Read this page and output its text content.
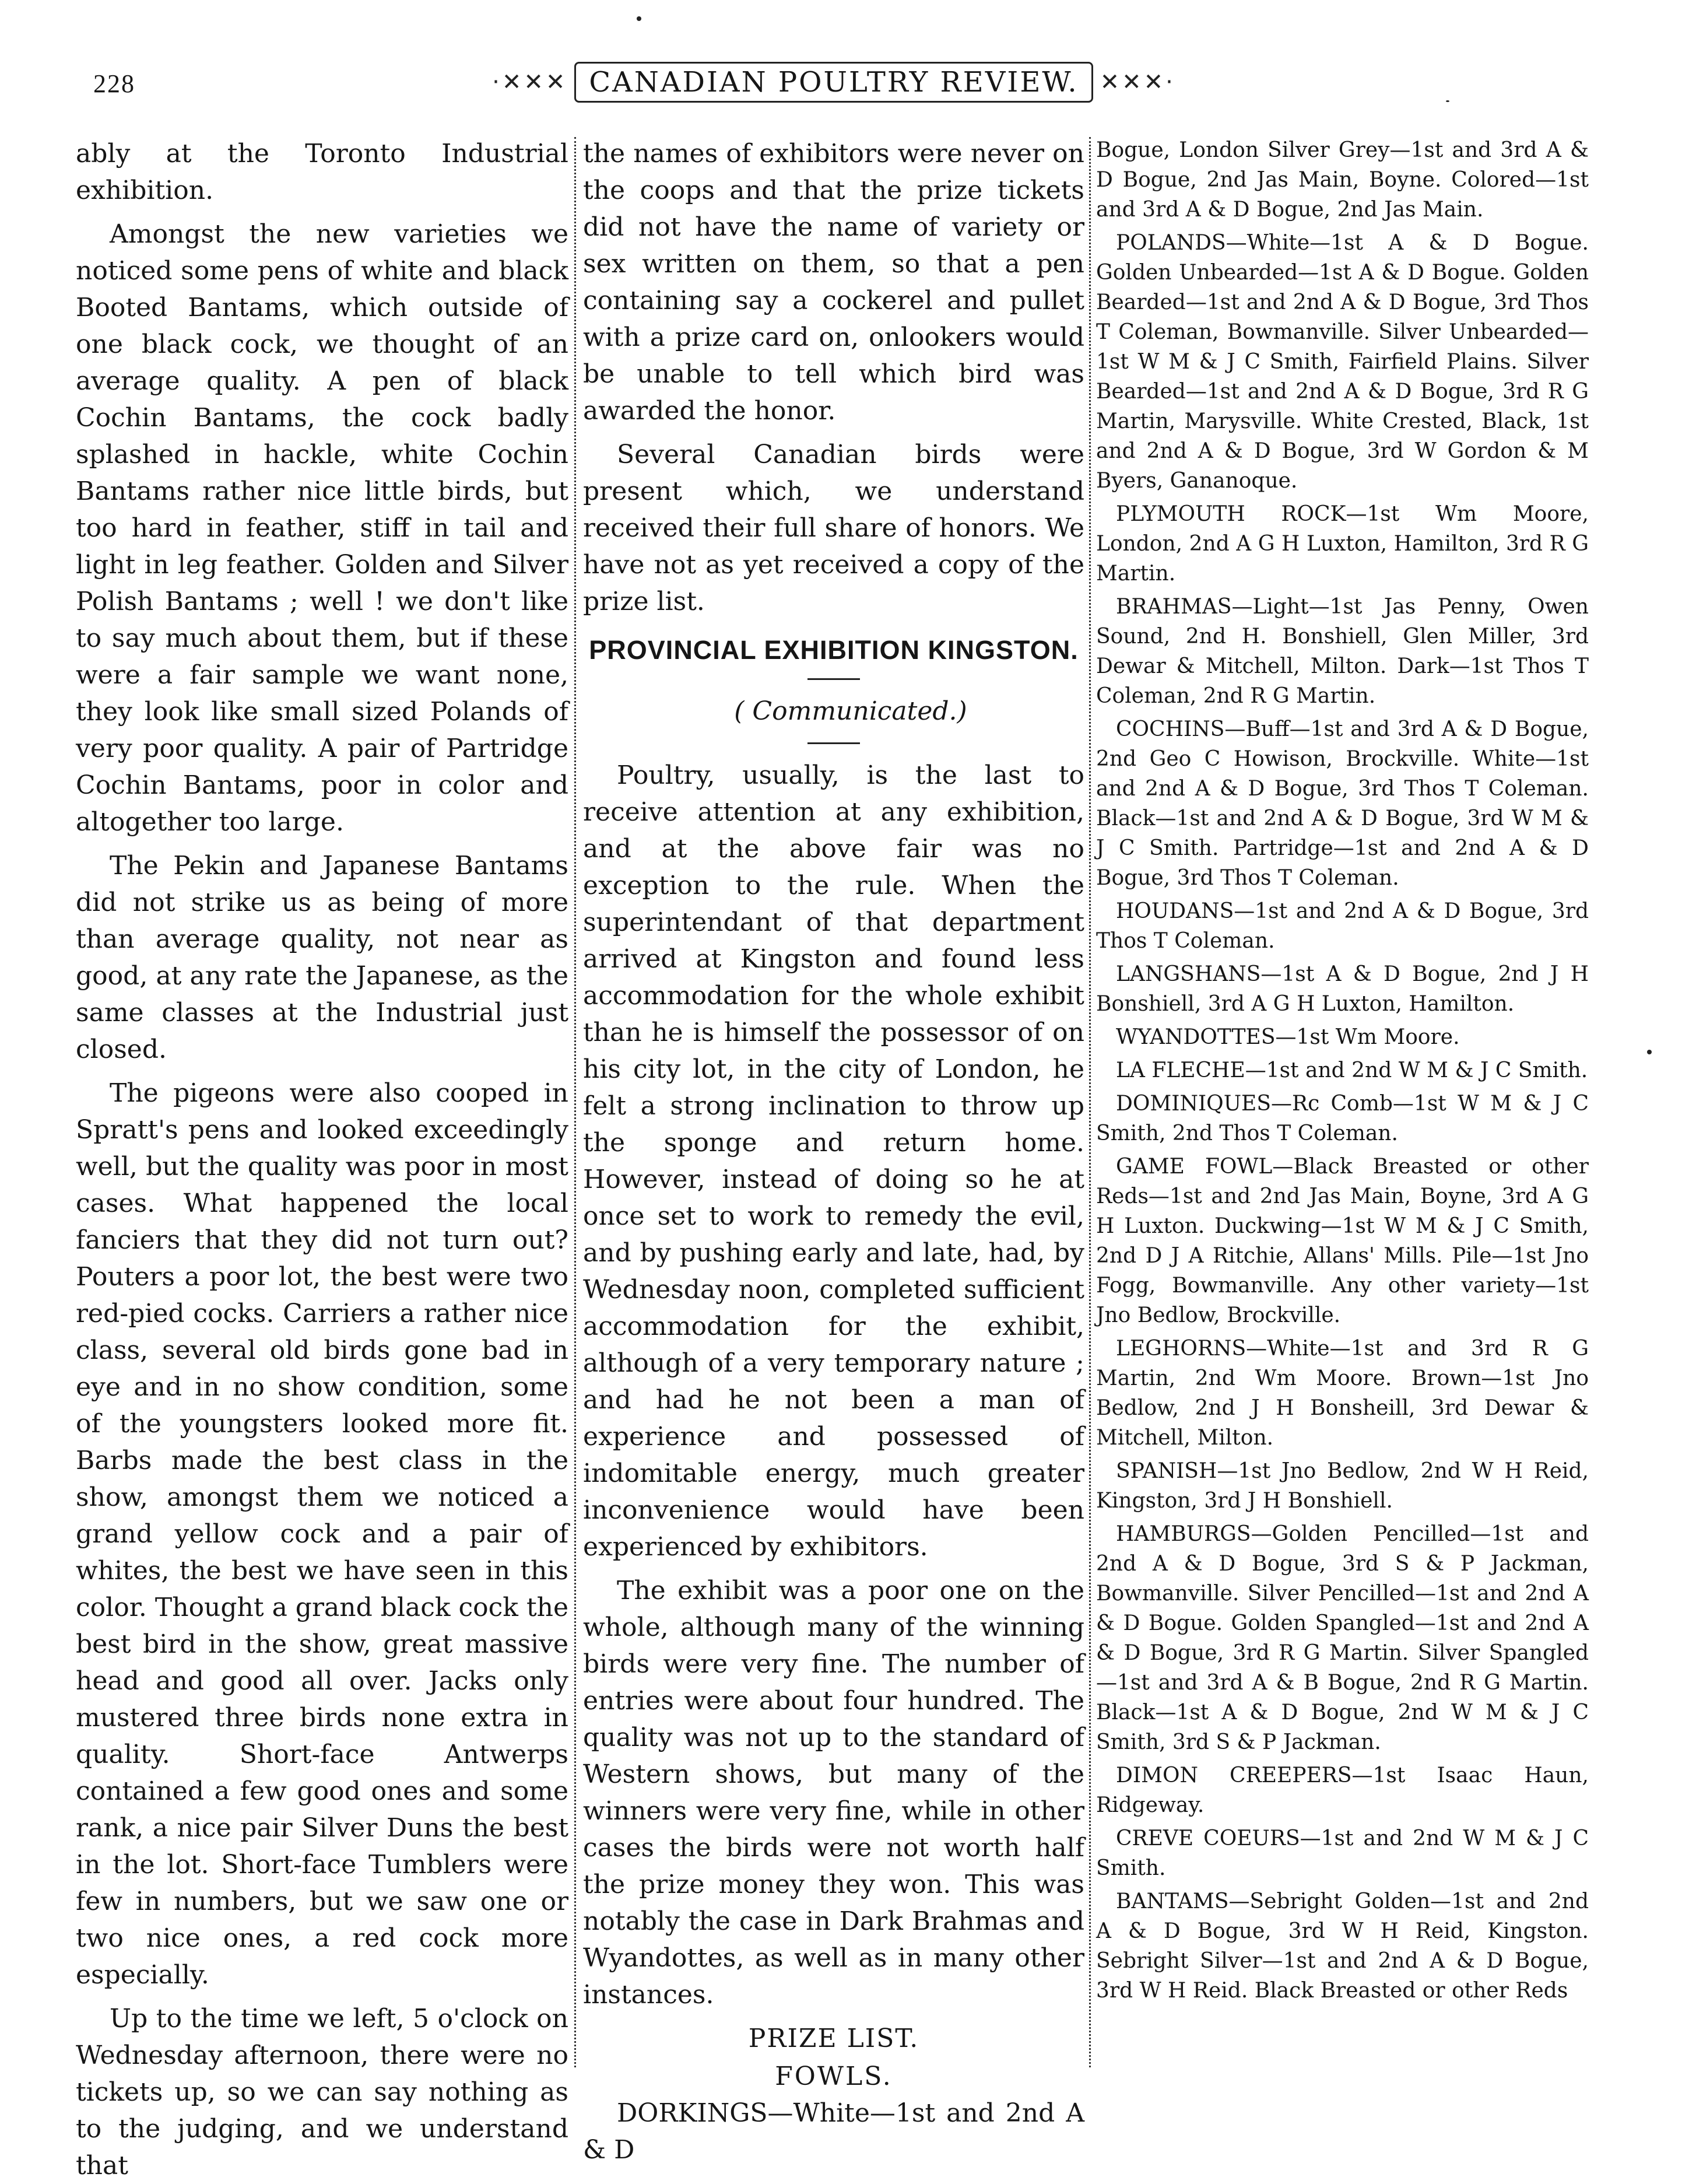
228	·✕✕✕ CANADIAN POULTRY REVIEW. ✕✕✕·

ably at the Toronto Industrial exhibition.

Amongst the new varieties we noticed some pens of white and black Booted Bantams, which outside of one black cock, we thought of an average quality. A pen of black Cochin Bantams, the cock badly splashed in hackle, white Cochin Bantams rather nice little birds, but too hard in feather, stiff in tail and light in leg feather. Golden and Silver Polish Bantams ; well ! we don't like to say much about them, but if these were a fair sample we want none, they look like small sized Polands of very poor quality. A pair of Partridge Cochin Bantams, poor in color and altogether too large.

The Pekin and Japanese Bantams did not strike us as being of more than average quality, not near as good, at any rate the Japanese, as the same classes at the Industrial just closed.

The pigeons were also cooped in Spratt's pens and looked exceedingly well, but the quality was poor in most cases. What happened the local fanciers that they did not turn out? Pouters a poor lot, the best were two red-pied cocks. Carriers a rather nice class, several old birds gone bad in eye and in no show condition, some of the youngsters looked more fit. Barbs made the best class in the show, amongst them we noticed a grand yellow cock and a pair of whites, the best we have seen in this color. Thought a grand black cock the best bird in the show, great massive head and good all over. Jacks only mustered three birds none extra in quality. Short-face Antwerps contained a few good ones and some rank, a nice pair Silver Duns the best in the lot. Short-face Tumblers were few in numbers, but we saw one or two nice ones, a red cock more especially.

Up to the time we left, 5 o'clock on Wednesday afternoon, there were no tickets up, so we can say nothing as to the judging, and we understand that

the names of exhibitors were never on the coops and that the prize tickets did not have the name of variety or sex written on them, so that a pen containing say a cockerel and pullet with a prize card on, onlookers would be unable to tell which bird was awarded the honor.

Several Canadian birds were present which, we understand received their full share of honors. We have not as yet received a copy of the prize list.

PROVINCIAL EXHIBITION KINGSTON.

( Communicated.)

Poultry, usually, is the last to receive attention at any exhibition, and at the above fair was no exception to the rule. When the superintendant of that department arrived at Kingston and found less accommodation for the whole exhibit than he is himself the possessor of on his city lot, in the city of London, he felt a strong inclination to throw up the sponge and return home. However, instead of doing so he at once set to work to remedy the evil, and by pushing early and late, had, by Wednesday noon, completed sufficient accommodation for the exhibit, although of a very temporary nature ; and had he not been a man of experience and possessed of indomitable energy, much greater inconvenience would have been experienced by exhibitors.

The exhibit was a poor one on the whole, although many of the winning birds were very fine. The number of entries were about four hundred. The quality was not up to the standard of Western shows, but many of the winners were very fine, while in other cases the birds were not worth half the prize money they won. This was notably the case in Dark Brahmas and Wyandottes, as well as in many other instances.

PRIZE LIST.

FOWLS.

DORKINGS—White—1st and 2nd A & D

Bogue, London Silver Grey—1st and 3rd A & D Bogue, 2nd Jas Main, Boyne. Colored—1st and 3rd A & D Bogue, 2nd Jas Main.

POLANDS—White—1st A & D Bogue. Golden Unbearded—1st A & D Bogue. Golden Bearded—1st and 2nd A & D Bogue, 3rd Thos T Coleman, Bowmanville. Silver Unbearded—1st W M & J C Smith, Fairfield Plains. Silver Bearded—1st and 2nd A & D Bogue, 3rd R G Martin, Marysville. White Crested, Black, 1st and 2nd A & D Bogue, 3rd W Gordon & M Byers, Gananoque.

PLYMOUTH ROCK—1st Wm Moore, London, 2nd A G H Luxton, Hamilton, 3rd R G Martin.

BRAHMAS—Light—1st Jas Penny, Owen Sound, 2nd H. Bonshiell, Glen Miller, 3rd Dewar & Mitchell, Milton. Dark—1st Thos T Coleman, 2nd R G Martin.

COCHINS—Buff—1st and 3rd A & D Bogue, 2nd Geo C Howison, Brockville. White—1st and 2nd A & D Bogue, 3rd Thos T Coleman. Black—1st and 2nd A & D Bogue, 3rd W M & J C Smith. Partridge—1st and 2nd A & D Bogue, 3rd Thos T Coleman.

HOUDANS—1st and 2nd A & D Bogue, 3rd Thos T Coleman.

LANGSHANS—1st A & D Bogue, 2nd J H Bonshiell, 3rd A G H Luxton, Hamilton.

WYANDOTTES—1st Wm Moore.

LA FLECHE—1st and 2nd W M & J C Smith.

DOMINIQUES—Rc Comb—1st W M & J C Smith, 2nd Thos T Coleman.

GAME FOWL—Black Breasted or other Reds—1st and 2nd Jas Main, Boyne, 3rd A G H Luxton. Duckwing—1st W M & J C Smith, 2nd D J A Ritchie, Allans' Mills. Pile—1st Jno Fogg, Bowmanville. Any other variety—1st Jno Bedlow, Brockville.

LEGHORNS—White—1st and 3rd R G Martin, 2nd Wm Moore. Brown—1st Jno Bedlow, 2nd J H Bonsheill, 3rd Dewar & Mitchell, Milton.

SPANISH—1st Jno Bedlow, 2nd W H Reid, Kingston, 3rd J H Bonshiell.

HAMBURGS—Golden Pencilled—1st and 2nd A & D Bogue, 3rd S & P Jackman, Bowmanville. Silver Pencilled—1st and 2nd A & D Bogue. Golden Spangled—1st and 2nd A & D Bogue, 3rd R G Martin. Silver Spangled—1st and 3rd A & B Bogue, 2nd R G Martin. Black—1st A & D Bogue, 2nd W M & J C Smith, 3rd S & P Jackman.

DIMON CREEPERS—1st Isaac Haun, Ridgeway.

CREVE COEURS—1st and 2nd W M & J C Smith.

BANTAMS—Sebright Golden—1st and 2nd A & D Bogue, 3rd W H Reid, Kingston. Sebright Silver—1st and 2nd A & D Bogue, 3rd W H Reid. Black Breasted or other Reds
